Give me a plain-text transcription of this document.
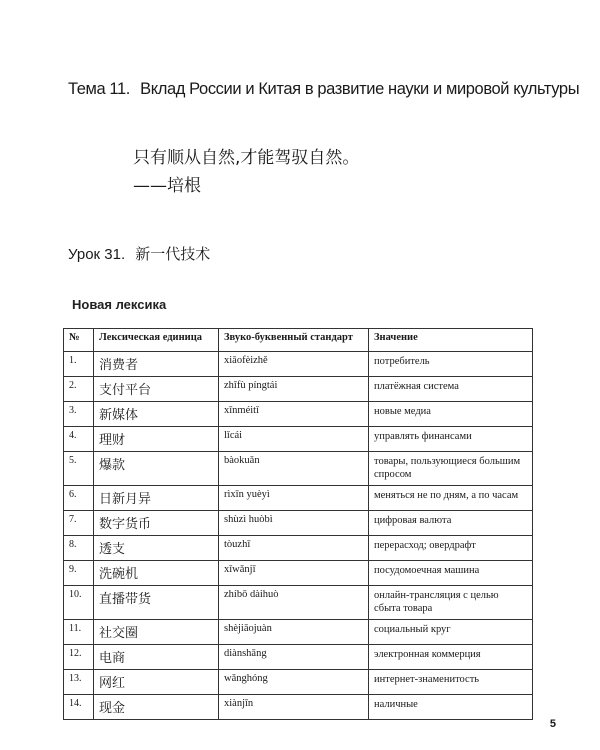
Тема 11. Вклад России и Китая в развитие науки и мировой культуры
只有顺从自然,才能驾驭自然。
——培根
Урок 31. 新一代技术
Новая лексика
№	Лексическая единица	Звуко-буквенный стандарт	Значение
1.	消费者	xiāofèizhě	потребитель
2.	支付平台	zhīfù píngtái	платёжная система
3.	新媒体	xīnméitǐ	новые медиа
4.	理财	lǐcái	управлять финансами
5.	爆款	bàokuǎn	товары, пользующиеся большим спросом
6.	日新月异	rìxīn yuèyì	меняться не по дням, а по часам
7.	数字货币	shùzì huòbì	цифровая валюта
8.	透支	tòuzhī	перерасход; овердрафт
9.	洗碗机	xǐwǎnjī	посудомоечная машина
10.	直播带货	zhíbō dàihuò	онлайн-трансляция с целью сбыта товара
11.	社交圈	shèjiāojuàn	социальный круг
12.	电商	diànshāng	электронная коммерция
13.	网红	wǎnghóng	интернет-знаменитость
14.	现金	xiànjīn	наличные
5
